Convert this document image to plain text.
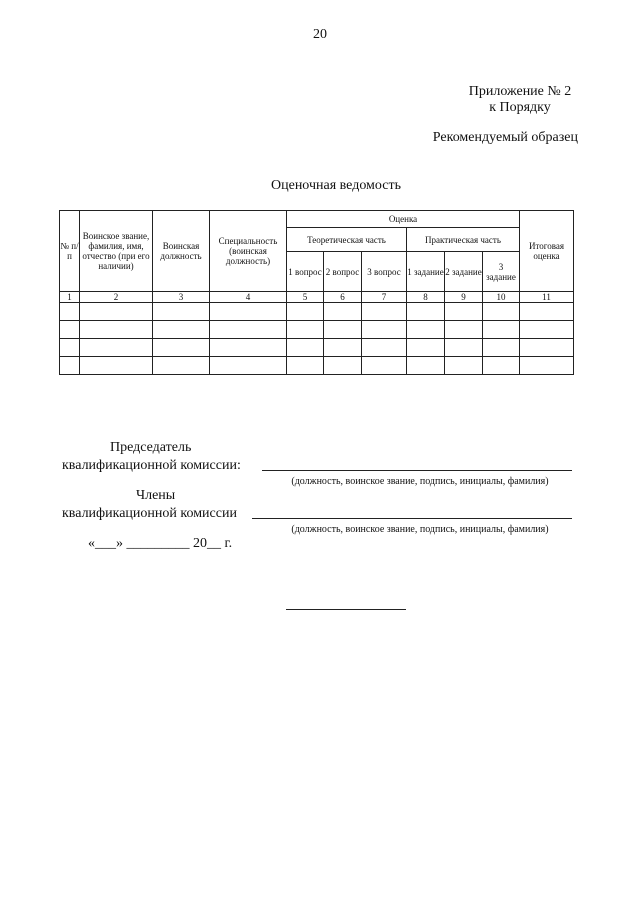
20
Приложение № 2
к Порядку
Рекомендуемый образец
Оценочная ведомость
№ п/п	Воинское звание, фамилия, имя, отчество (при его наличии)	Воинская должность	Специальность (воинская должность)	Оценка						Итоговая оценка
				Теоретическая часть			Практическая часть			
				1 вопрос	2 вопрос	3 вопрос	1 задание	2 задание	3 задание	
1	2	3	4	5	6	7	8	9	10	11

Председатель
квалификационной комиссии:
(должность, воинское звание, подпись, инициалы, фамилия)
Члены
квалификационной комиссии
(должность, воинское звание, подпись, инициалы, фамилия)
«___» _________ 20__ г.
